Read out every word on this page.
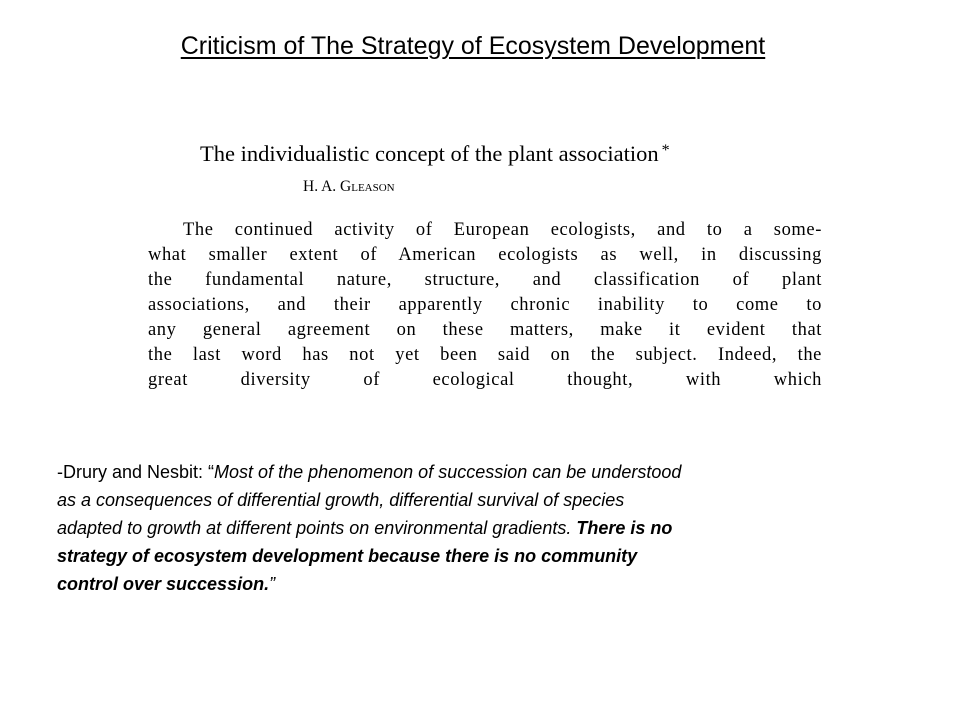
Criticism of The Strategy of Ecosystem Development
The individualistic concept of the plant association *
H. A. Gleason
The continued activity of European ecologists, and to a some-
what smaller extent of American ecologists as well, in discussing
the fundamental nature, structure, and classification of plant
associations, and their apparently chronic inability to come to
any general agreement on these matters, make it evident that
the last word has not yet been said on the subject. Indeed, the
great diversity of ecological thought, with which
-Drury and Nesbit: “Most of the phenomenon of succession can be understood
as a consequences of differential growth, differential survival of species
adapted to growth at different points on environmental gradients. There is no
strategy of ecosystem development because there is no community
control over succession.”
